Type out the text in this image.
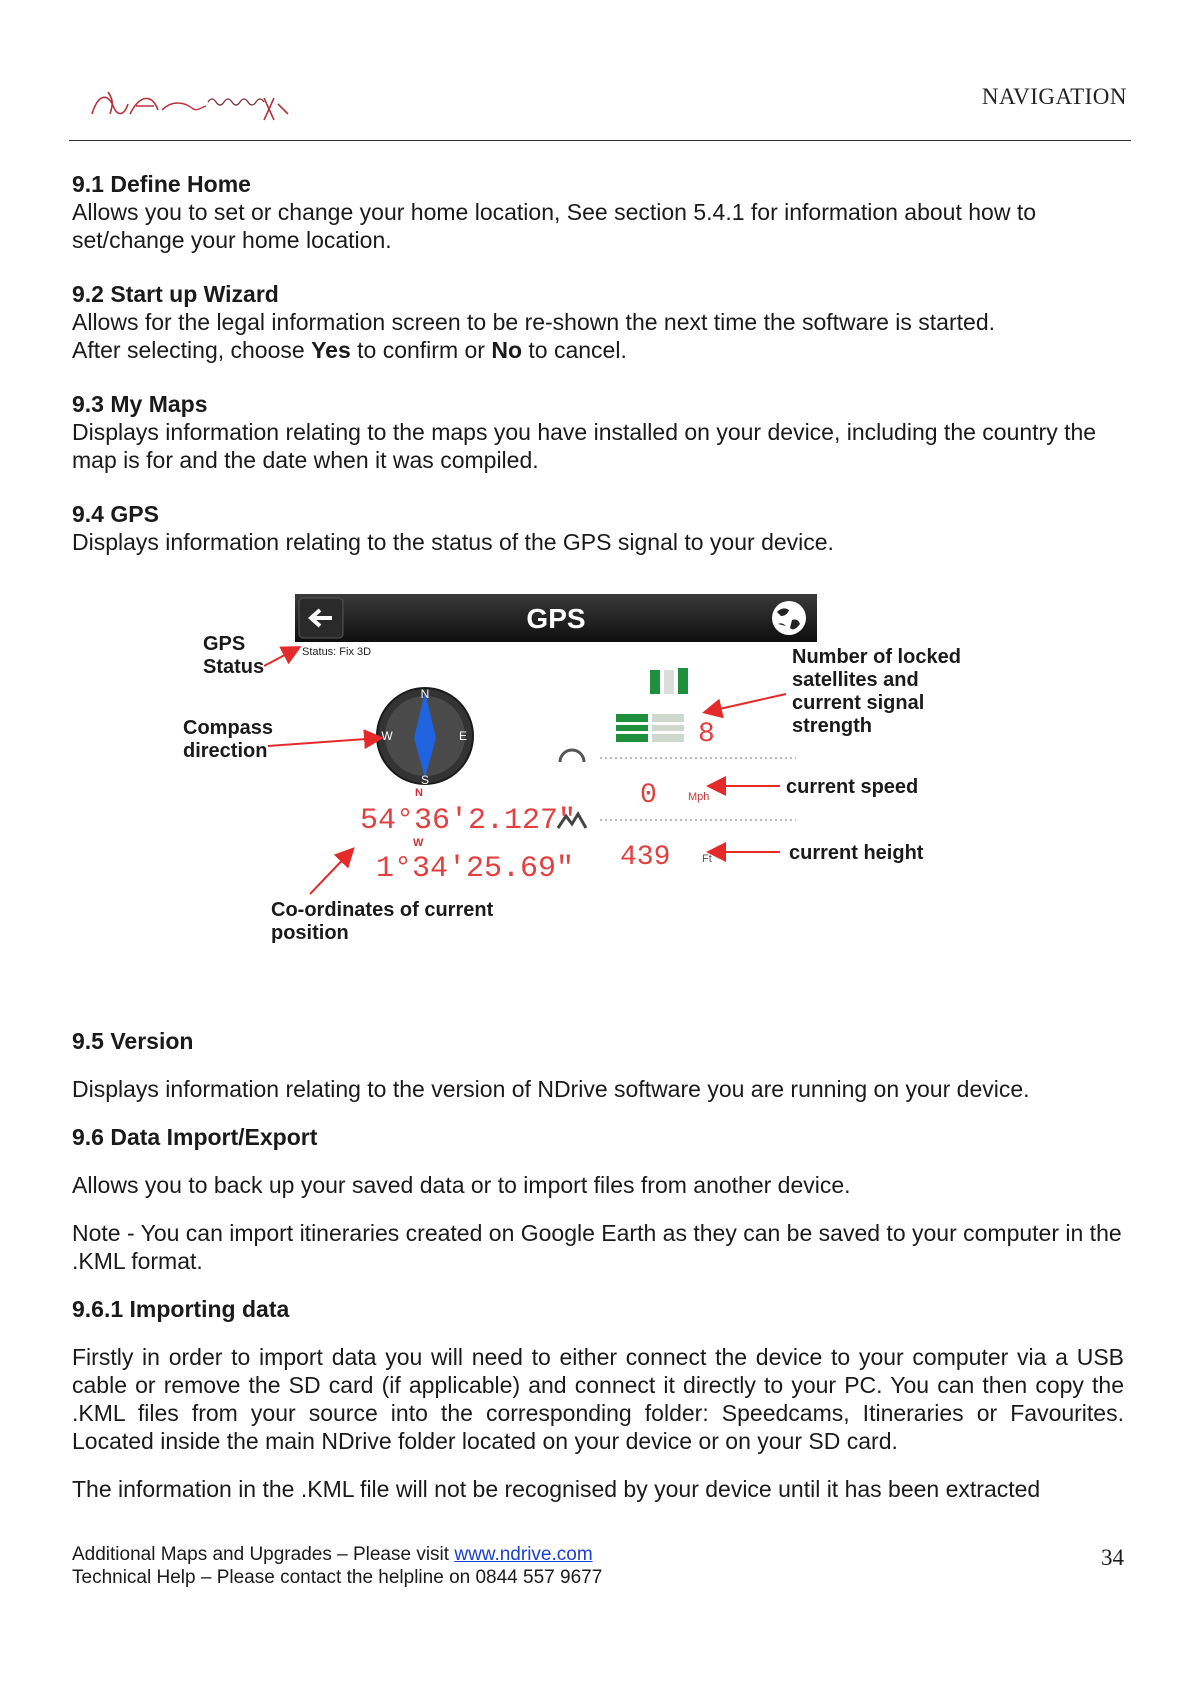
NAVIGATION

9.1 Define Home

Allows you to set or change your home location, See section 5.4.1 for information about how to set/change your home location.

9.2 Start up Wizard

Allows for the legal information screen to be re-shown the next time the software is started.

After selecting, choose Yes to confirm or No to cancel.

9.3 My Maps

Displays information relating to the maps you have installed on your device, including the country the map is for and the date when it was compiled.

9.4 GPS

Displays information relating to the status of the GPS signal to your device.

GPS
Status: Fix 3D
N
S
E
W
N
54°36'2.127"
W
1°34'25.69"
8
0	Mph
439	Ft
GPS
Status
Compass
direction
Co-ordinates of current
position
Number of locked
satellites and
current signal
strength
current speed
current height

9.5 Version

Displays information relating to the version of NDrive software you are running on your device.

9.6 Data Import/Export

Allows you to back up your saved data or to import files from another device.

Note - You can import itineraries created on Google Earth as they can be saved to your computer in the .KML format.

9.6.1 Importing data

Firstly in order to import data you will need to either connect the device to your computer via a USB cable or remove the SD card (if applicable) and connect it directly to your PC. You can then copy the .KML files from your source into the corresponding folder: Speedcams, Itineraries or Favourites. Located inside the main NDrive folder located on your device or on your SD card.

The information in the .KML file will not be recognised by your device until it has been extracted

Additional Maps and Upgrades – Please visit www.ndrive.com
Technical Help – Please contact the helpline on 0844 557 9677
34
